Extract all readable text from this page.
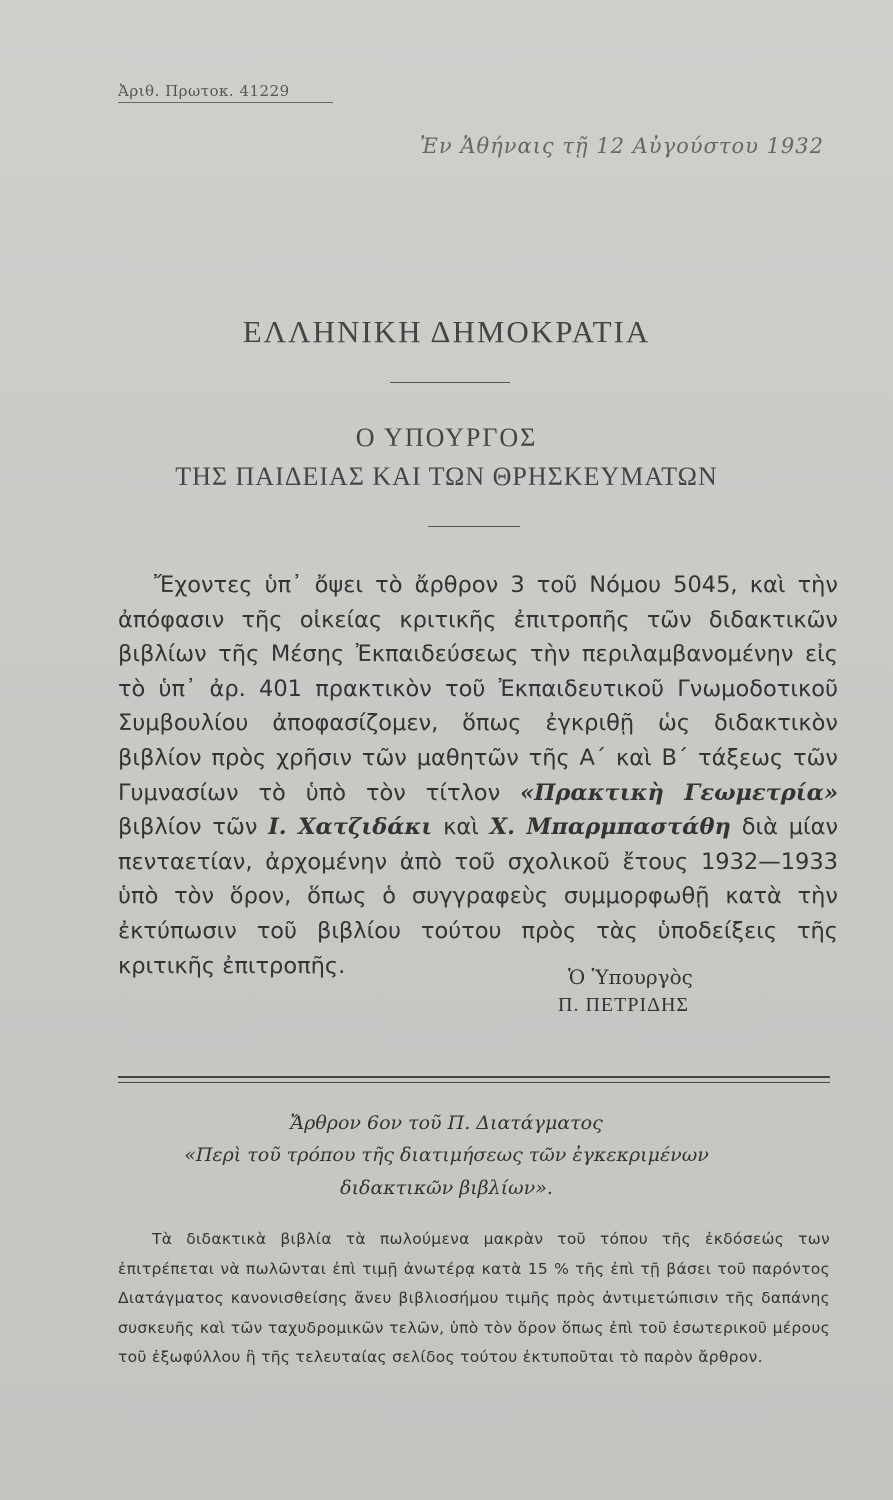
Ἀριθ. Πρωτοκ. 41229
Ἐν Ἀθήναις τῇ 12 Αὐγούστου 1932
ΕΛΛΗΝΙΚΗ ΔΗΜΟΚΡΑΤΙΑ
Ο ΥΠΟΥΡΓΟΣ
ΤΗΣ ΠΑΙΔΕΙΑΣ ΚΑΙ ΤΩΝ ΘΡΗΣΚΕΥΜΑΤΩΝ
Ἔχοντες ὑπ᾽ ὄψει τὸ ἄρθρον 3 τοῦ Νόμου 5045, καὶ τὴν ἀπόφασιν τῆς οἰκείας κριτικῆς ἐπιτροπῆς τῶν διδακτικῶν βιβλίων τῆς Μέσης Ἐκπαιδεύσεως τὴν περιλαμβανομένην εἰς τὸ ὑπ᾽ ἀρ. 401 πρακτικὸν τοῦ Ἐκπαιδευτικοῦ Γνωμοδοτικοῦ Συμβουλίου ἀποφασίζομεν, ὅπως ἐγκριθῇ ὡς διδακτικὸν βιβλίον πρὸς χρῆσιν τῶν μαθητῶν τῆς Α΄ καὶ Β΄ τάξεως τῶν Γυμνασίων τὸ ὑπὸ τὸν τίτλον «Πρακτικὴ Γεωμετρία» βιβλίον τῶν Ι. Χατζιδάκι καὶ Χ. Μπαρμπαστάθη διὰ μίαν πενταετίαν, ἀρχομένην ἀπὸ τοῦ σχολικοῦ ἔτους 1932—1933 ὑπὸ τὸν ὅρον, ὅπως ὁ συγγραφεὺς συμμορφωθῇ κατὰ τὴν ἐκτύπωσιν τοῦ βιβλίου τούτου πρὸς τὰς ὑποδείξεις τῆς κριτικῆς ἐπιτροπῆς.	Ὁ Ὑπουργὸς
Π. ΠΕΤΡΙΔΗΣ
Ἄρθρον 6ον τοῦ Π. Διατάγματος
«Περὶ τοῦ τρόπου τῆς διατιμήσεως τῶν ἐγκεκριμένων
διδακτικῶν βιβλίων».
Τὰ διδακτικὰ βιβλία τὰ πωλούμενα μακρὰν τοῦ τόπου τῆς ἐκδόσεώς των ἐπιτρέπεται νὰ πωλῶνται ἐπὶ τιμῇ ἀνωτέρᾳ κατὰ 15 % τῆς ἐπὶ τῇ βάσει τοῦ παρόντος Διατάγματος κανονισθείσης ἄνευ βιβλιοσήμου τιμῆς πρὸς ἀντιμετώπισιν τῆς δαπάνης συσκευῆς καὶ τῶν ταχυδρομικῶν τελῶν, ὑπὸ τὸν ὅρον ὅπως ἐπὶ τοῦ ἐσωτερικοῦ μέρους τοῦ ἐξωφύλλου ἢ τῆς τελευταίας σελίδος τούτου ἐκτυποῦται τὸ παρὸν ἄρθρον.
